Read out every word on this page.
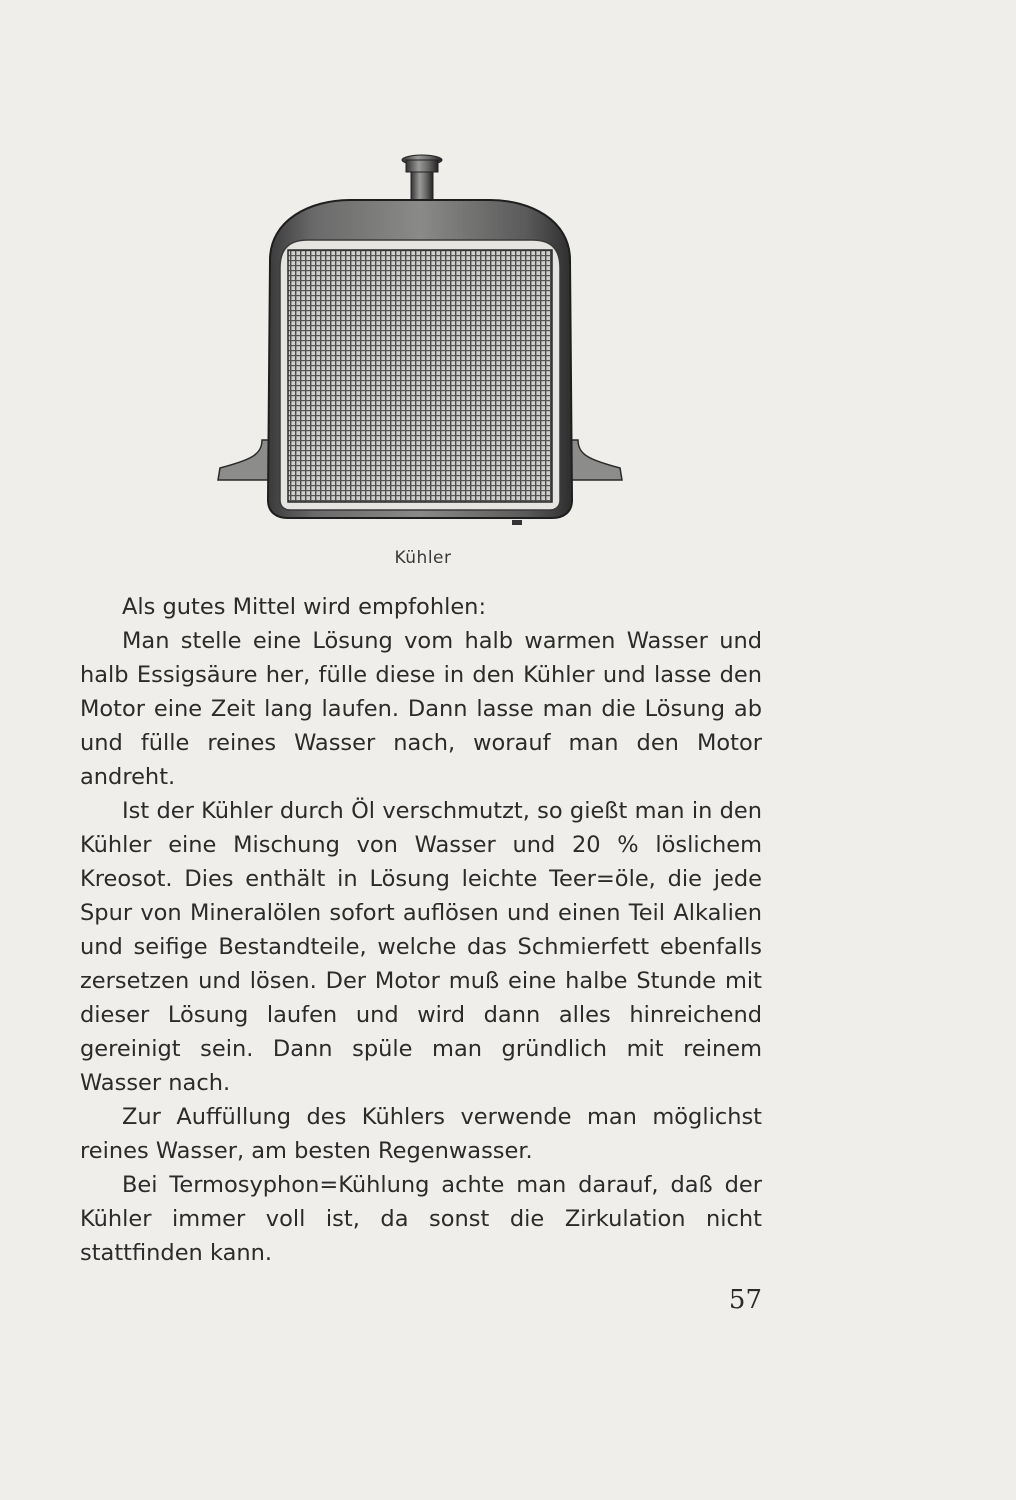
Kühler

Als gutes Mittel wird empfohlen:

Man stelle eine Lösung vom halb warmen Wasser und halb Essigsäure her, fülle diese in den Kühler und lasse den Motor eine Zeit lang laufen. Dann lasse man die Lösung ab und fülle reines Wasser nach, worauf man den Motor andreht.

Ist der Kühler durch Öl verschmutzt, so gießt man in den Kühler eine Mischung von Wasser und 20 % löslichem Kreosot. Dies enthält in Lösung leichte Teer=öle, die jede Spur von Mineralölen sofort auflösen und einen Teil Alkalien und seifige Bestandteile, welche das Schmierfett ebenfalls zersetzen und lösen. Der Motor muß eine halbe Stunde mit dieser Lösung laufen und wird dann alles hinreichend gereinigt sein. Dann spüle man gründlich mit reinem Wasser nach.

Zur Auffüllung des Kühlers verwende man möglichst reines Wasser, am besten Regenwasser.

Bei Termosyphon=Kühlung achte man darauf, daß der Kühler immer voll ist, da sonst die Zirkulation nicht stattfinden kann.

57
